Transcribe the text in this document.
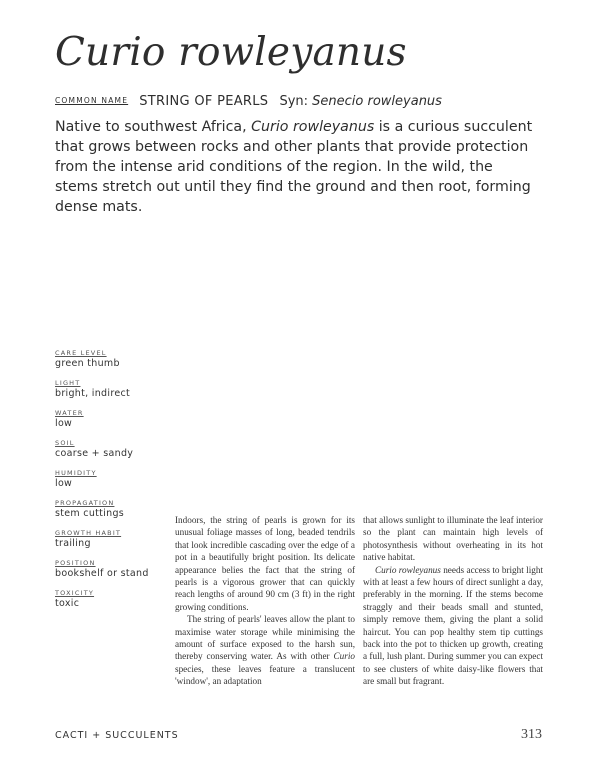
Curio rowleyanus
COMMON NAME STRING OF PEARLS Syn: Senecio rowleyanus

Native to southwest Africa, Curio rowleyanus is a curious succulent that grows between rocks and other plants that provide protection from the intense arid conditions of the region. In the wild, the stems stretch out until they find the ground and then root, forming dense mats.

CARE LEVEL
green thumb
LIGHT
bright, indirect
WATER
low
SOIL
coarse + sandy
HUMIDITY
low
PROPAGATION
stem cuttings
GROWTH HABIT
trailing
POSITION
bookshelf or stand
TOXICITY
toxic

Indoors, the string of pearls is grown for its unusual foliage masses of long, beaded tendrils that look incredible cascading over the edge of a pot in a beautifully bright position. Its delicate appearance belies the fact that the string of pearls is a vigorous grower that can quickly reach lengths of around 90 cm (3 ft) in the right growing conditions.

The string of pearls' leaves allow the plant to maximise water storage while minimising the amount of surface exposed to the harsh sun, thereby conserving water. As with other Curio species, these leaves feature a translucent 'window', an adaptation

that allows sunlight to illuminate the leaf interior so the plant can maintain high levels of photosynthesis without overheating in its hot native habitat.

Curio rowleyanus needs access to bright light with at least a few hours of direct sunlight a day, preferably in the morning. If the stems become straggly and their beads small and stunted, simply remove them, giving the plant a solid haircut. You can pop healthy stem tip cuttings back into the pot to thicken up growth, creating a full, lush plant. During summer you can expect to see clusters of white daisy-like flowers that are small but fragrant.

CACTI + SUCCULENTS	313
